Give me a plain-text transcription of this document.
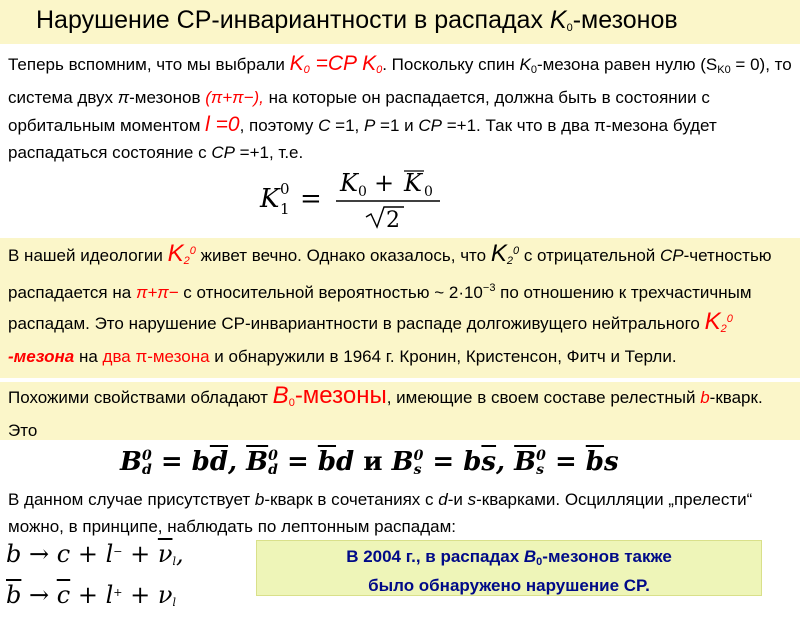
Нарушение CP-инвариантности в распадах $K_0$-мезонов
Теперь вспомним, что мы выбрали $K_0 =CP$ $K_0$. Поскольку спин $K_0$-мезона равен нулю $(S_{K0} = 0)$, то система двух π-мезонов (π+π−), на которые он распадается, должна быть в состоянии с орбитальным моментом l =0, поэтому C =1, P =1 и CP =+1. Так что в два π-мезона будет распадаться состояние с CP =+1, т.е.
K 0
1 =
K 0 + K 0
2
В нашей идеологии $K_2^0$ живет вечно. Однако оказалось, что $K_2^0$ с отрицательной CP-четностью распадается на π+π− с относительной вероятностью ~ $2\cdot 10^{-3}$ по отношению к трехчастичным распадам. Это нарушение CP-инвариантности в распаде долгоживущего нейтрального $K_2^0$ -мезона на два π-мезона и обнаружили в 1964 г. Кронин, Кристенсон, Фитч и Терли.
Похожими свойствами обладают $B_0$-мезоны, имеющие в своем составе релестный b-кварк. Это
B 0
$d = b\overline{d}$, $\overline{B}$ 0
$d = \overline{b}d$ и B 0
$s = b\overline{s}$, $\overline{B}$ 0
$s = \overline{b}s$
В данном случае присутствует b-кварк в сочетаниях с d-и s-кварками. Осцилляции „прелести“ можно, в принципе, наблюдать по лептонным распадам:
$b \to c + l^- + \overline{\nu}_l$,
$\overline{b} \to \overline{c} + l^+ + \nu_l$
В 2004 г., в распадах $B_0$-мезонов также
было обнаружено нарушение CP.
